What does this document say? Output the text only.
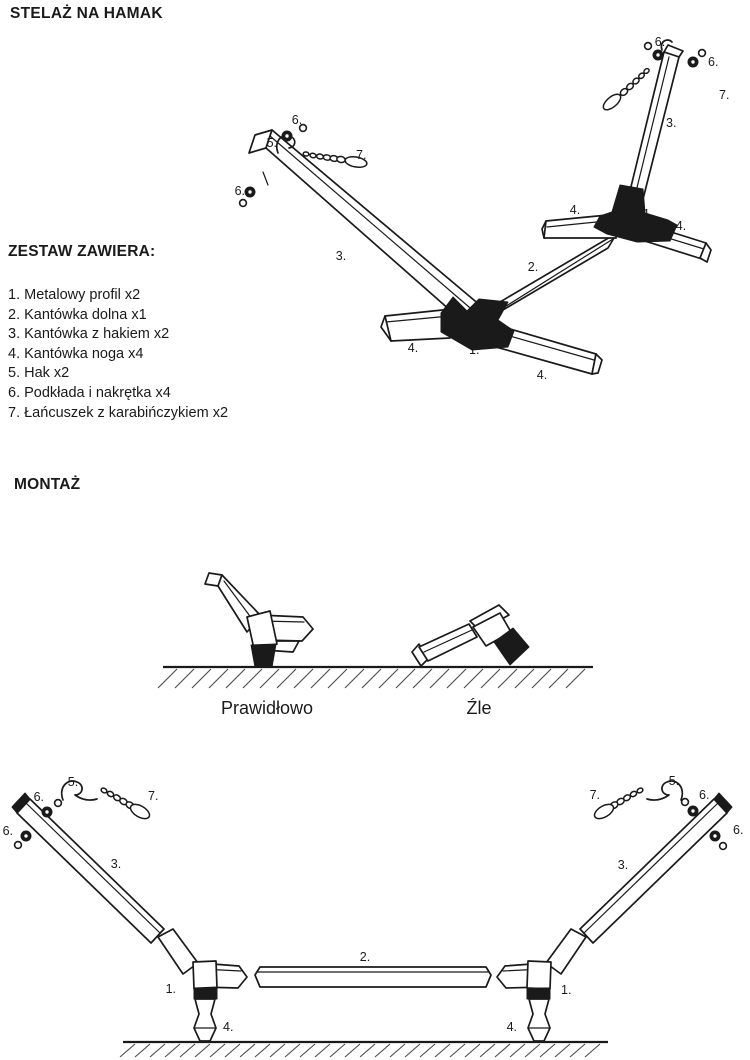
STELAŻ NA HAMAK
ZESTAW ZAWIERA:
1. Metalowy profil x2
2. Kantówka dolna x1
3. Kantówka z hakiem x2
4. Kantówka noga x4
5. Hak x2
6. Podkłada i nakrętka x4
7. Łańcuszek z karabińczykiem x2
MONTAŻ
5.
6.
7.
6.
3.
4.	1.
4.
2.
4.	1.
4.
3.
6.
6.
7.
Prawidłowo	Źle
5.
6.
6.
7.
3.
1.
4.
2.
7.
5.
6.
6.
3.
1.
4.
